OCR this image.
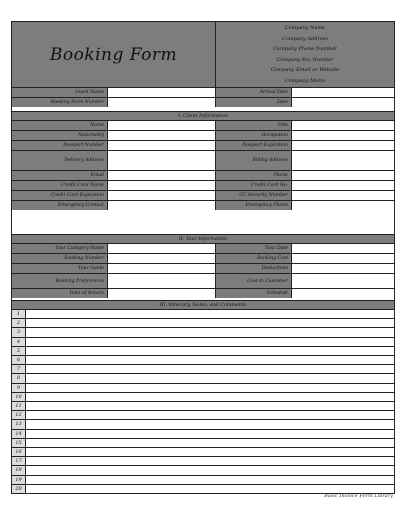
Booking Form
Company Name
Company Address
Company Phone Number
Company Fax Number
Company Email or Website
Company Motto
Guest Name	Arrival Date
Booking Form Number	Date
I. Client Information
Name	Title
Nationality	Occupation
Passport Number	Passport Expiration
Delivery Address	Billing Address
Email	Phone
Credit Card Name	Credit Card No.
Credit Card Expiration	CC Security Number
Emergency Contact	Emergency Phone
II. Tour Information
Tour Category Name	Tour Date
Booking Number	Booking Cost
Tour Guide	Deductions
Booking Preferences	Cost to Customer
Date of Return	Schedule
III. Itinerary, Notes, and Comments
1
2
3
4
5
6
7
8
9
10
11
12
13
14
15
16
17
18
19
20
Basic Invoice Form Library
